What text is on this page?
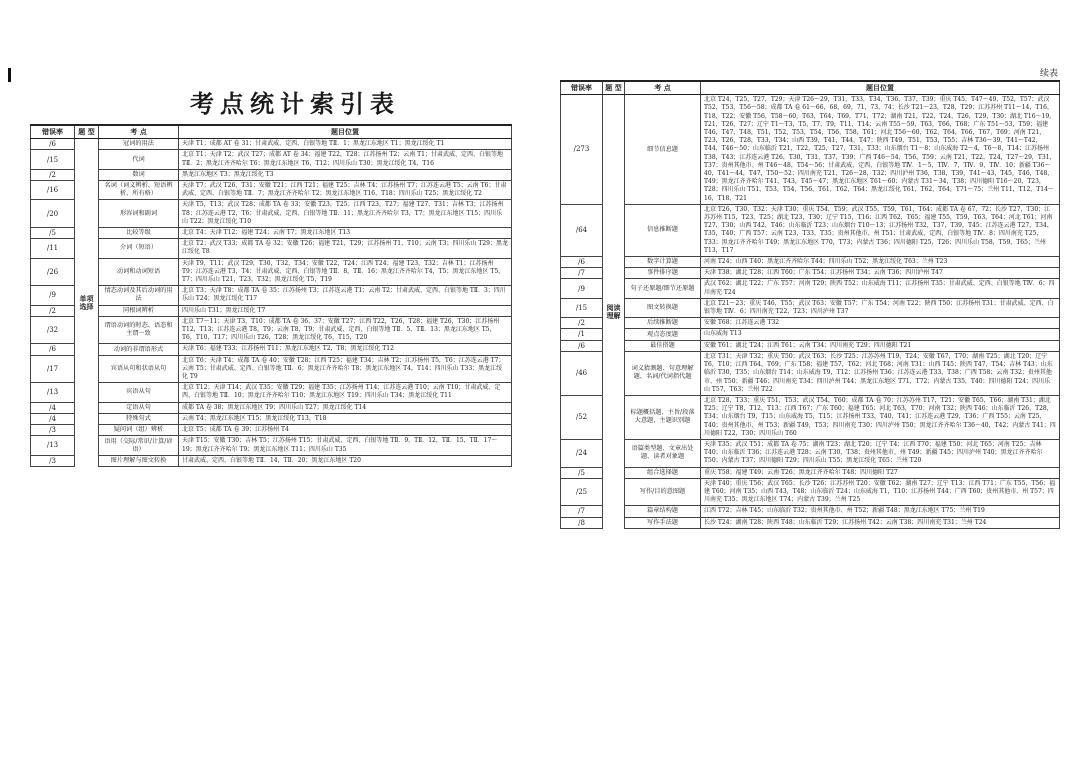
考点统计索引表
错误率	题 型	考 点	题目位置
/6	单项选择	冠词的用法	天津 T1；成都 AT 卷 31；甘肃武威、定西、白银等地 TⅡ．1；黑龙江东地区 T1；黑龙江绥化 T1
/15		代词	北京 T1；天津 T2；武汉 T27；成都 AT 卷 34；福建 T22，T28；江苏扬州 T2；云南 T1；甘肃武威、定西、白银等地 TⅡ．2；黑龙江齐齐哈尔 T6；黑龙江东地区 T6，T12；四川乐山 T30；黑龙江绥化 T4，T16
/2		数词	黑龙江东地区 T3；黑龙江绥化 T3
/16		名词（词义辨析、短语辨析、所有格）	天津 T7；武汉 T26，T31；安徽 T21；江西 T21；福建 T25；吉林 T4；江苏扬州 T7；江苏连云港 T5；云南 T6；甘肃武威、定西、白银等地 TⅡ．7；黑龙江齐齐哈尔 T2；黑龙江东地区 T16，T18；四川乐山 T25；黑龙江绥化 T2
/20		形容词和副词	天津 T5，T13；武汉 T28；成都 TA 卷 33；安徽 T23，T25；江西 T23，T27；福建 T27，T31；吉林 T3；江苏扬州 T8；江苏连云港 T2，T6；甘肃武威、定西、白银等地 TⅡ．11；黑龙江齐齐哈尔 T3，T7；黑龙江东地区 T15；四川乐山 T22；黑龙江绥化 T10
/5		比较等级	北京 T4；天津 T12；福建 T24；云南 T7；黑龙江东地区 T13
/11		介词（短语）	北京 T2；武汉 T33；成都 TA 卷 32；安徽 T26；福建 T21，T29；江苏扬州 T1，T10；云南 T3；四川乐山 T29；黑龙江绥化 T8
/26		动词和动词短语	天津 T9，T11；武汉 T29，T30，T32，T34；安徽 T22，T24；江西 T24；福建 T23，T32；吉林 T1；江苏扬州 T9；江苏连云港 T3，T4；甘肃武威、定西、白银等地 TⅡ．8，TⅡ．16；黑龙江齐齐哈尔 T4，T5；黑龙江东地区 T5，T7；四川乐山 T21，T23，T32；黑龙江绥化 T5，T19
/9		情态动词及其后动词的用法	北京 T3；天津 T8；成都 TA 卷 35；江苏扬州 T3；江苏连云港 T1；云南 T2；甘肃武威、定西、白银等地 TⅡ．3；四川乐山 T24；黑龙江绥化 T17
/2		同根词辨析	四川乐山 T31；黑龙江绥化 T7
/32		谓语动词的时态、语态和主谓一致	北京 T7～11；天津 T3，T10；成都 TA 卷 36，37；安徽 T27；江西 T22，T26，T28；福建 T26，T30；江苏扬州 T12，T13；江苏连云港 T8，T9；云南 T8，T9；甘肃武威、定西、白银等地 TⅡ．5，TⅡ．13；黑龙江东地区 T5，T6，T10，T17；四川乐山 T26，T28；黑龙江绥化 T6，T15，T20
/6		动词的非谓语形式	天津 T6；福建 T33；江苏扬州 T11；黑龙江东地区 T2，T8；黑龙江绥化 T12
/17		宾语从句和状语从句	北京 T6；天津 T4；成都 TA 卷 40；安徽 T28；江西 T25；福建 T34；吉林 T2；江苏扬州 T5，T6；江苏连云港 T7；云南 T5；甘肃武威、定西、白银等地 TⅡ．6；黑龙江齐齐哈尔 T8；黑龙江东地区 T4，T14；四川乐山 T33；黑龙江绥化 T9
/13		宾语从句	北京 T12；天津 T14；武汉 T35；安徽 T29；福建 T35；江苏扬州 T14；江苏连云港 T10；云南 T10；甘肃武威、定西、白银等地 TⅡ．10；黑龙江齐齐哈尔 T10；黑龙江东地区 T19；四川乐山 T34；黑龙江绥化 T11
/4		定语从句	成都 TA 卷 38；黑龙江东地区 T9；四川乐山 T27；黑龙江绥化 T14
/4		特殊句式	云南 T4；黑龙江东地区 T15；黑龙江绥化 T13，T18
/3		疑问词（组）辨析	北京 T5；成都 TA 卷 39；江苏扬州 T4
/13		语用（交际/常识/计算/谚语）	天津 T15；安徽 T30；吉林 T5；江苏扬州 T15；甘肃武威、定西、白银等地 TⅡ．9，TⅡ．12，TⅡ．15，TⅡ．17～19；黑龙江齐齐哈尔 T9；黑龙江东地区 T11；四川乐山 T35
/3		图片理解与图文转换	甘肃武威、定西、白银等地 TⅡ．14，TⅡ．20；黑龙江东地区 T20
续表
错误率	题 型	考 点	题目位置
/273	阅读理解	细节信息题	北京 T24，T25，T27，T29；天津 T26～29，T31，T33，T34，T36，T37，T39；重庆 T45，T47～49，T52，T57；武汉 T52，T53，T56～58；成都 TA 卷 61～66，68，69，71，73，74；长沙 T21～23，T28，T29；江苏苏州 T11～14，T16，T18，T22；安徽 T56，T58～60，T63，T64，T69，T71，T72；湖南 T21，T22，T24，T26，T29，T30；湖北 T16～19，T21，T26，T27；辽宁 T1～T3，T5，T7，T9，T11，T14；云南 T55～59，T63，T66，T68；广东 T51～53，T59；福建 T46，T47，T48，T51，T52，T53，T54，T56，T58，T61；河北 T56～60，T62，T64，T66，T67，T69；河南 T21，T23，T26，T28，T33，T34；山西 T39，T41，T44，T47；陕西 T49，T51，T53，T55；吉林 T36～39，T41～T42，T44，T46～50；山东临沂 T21，T22，T25，T27，T31，T33；山东烟台 T1～8；山东威海 T2～4，T6～8，T14；江苏扬州 T38，T43；江苏连云港 T26，T30，T31，T37，T39；广西 T46～54，T56，T59；云南 T21，T22，T24，T27～29，T31，T37；贵州其他市、州 T46～48，T54～56；甘肃武威、定西、白银等地 TⅣ．1～5，TⅣ．7，TⅣ．9，TⅣ．10；新疆 T36～40，T41～44，T47，T50～52；四川南充 T21，T26～28，T32；四川泸州 T36，T38，T39，T41～43，T45，T46，T48，T49；黑龙江齐齐哈尔 T41，T43，T45～47；黑龙江东地区 T61～60；内蒙古 T31～34，T38；四川德阳 T16～20，T23，T28；四川乐山 T51，T53，T54，T56，T61，T62，T64；黑龙江绥化 T61，T62，T64，T71～75；兰州 T11，T12，T14～16，T18，T21
/64		信息推断题	北京 T26，T30，T32；天津 T30；重庆 T54，T59；武汉 T55，T59，T61，T64；成都 TA 卷 67，72；长沙 T27，T30；江苏苏州 T15，T23，T25；湖北 T23，T30；辽宁 T15，T16；江西 T62，T65；福建 T55，T59，T63，T64；河北 T61；河南 T27，T30；山西 T42，T46；山东临沂 T23；山东烟台 T10～13；江苏扬州 T32，T37，T39，T45；江苏连云港 T27，T34，T35，T40；广西 T57；云南 T23，T33，T35；贵州其他市、州 T51；甘肃武威、定西、白银等地 TⅣ．8；四川南充 T25，T33；黑龙江齐齐哈尔 T49；黑龙江东地区 T70，T73；内蒙古 T36；四川德阳 T25，T26；四川乐山 T58，T59，T65；兰州 T13，T17
/6		数字计算题	河南 T24；山西 T40；黑龙江齐齐哈尔 T44；四川乐山 T52；黑龙江绥化 T63；兰州 T23
/7		事件排序题	天津 T38；湖北 T28；江西 T60；广东 T54；江苏扬州 T34；云南 T36；四川泸州 T47
/9		句子还原题/细节还原题	武汉 T62；湖北 T22；广东 T57；河南 T29；陕西 T52；山东威海 T11；江苏扬州 T35；甘肃武威、定西、白银等地 TⅣ．6；四川南充 T24
/15		图文转换题	北京 T21～23；重庆 T46，T55；武汉 T63；安徽 T57；广东 T54；河南 T22；陕西 T50；江苏扬州 T31；甘肃武威、定西、白银等地 TⅣ．6；四川南充 T22，T23；四川泸州 T37
/2		后续推断题	安徽 T68；江苏连云港 T32
/1		观点态度题	山东威海 T13
/6		最佳搭题	安徽 T61；湖北 T24；江西 T61；云南 T34；四川南充 T29；四川德阳 T21
/46		词义猜测题、句意理解题、名词/代词指代题	北京 T31；天津 T32；重庆 T50；武汉 T63；长沙 T25；江苏苏州 T19，T24；安徽 T67，T70；湖南 T25；湖北 T20；辽宁 T6，T10；江西 T64，T69；广东 T58；福建 T57，T62；河北 T68；河南 T31；山西 T45；陕西 T47，T54；吉林 T43；山东临沂 T30，T35；山东烟台 T14；山东威海 T9，T12；江苏扬州 T36；江苏连云港 T33，T38；广西 T58；云南 T32；贵州其他市、州 T50；新疆 T46；四川南充 T34；四川泸州 T44；黑龙江东地区 T71，T72；内蒙古 T35，T40；四川德阳 T24；四川乐山 T57，T63；兰州 T22
/52		标题概括题、主旨/段落大意题、主题识别题	北京 T28，T33；重庆 T51，T53；武汉 T54，T60；成都 TA 卷 70；江苏苏州 T17，T21；安徽 T65，T66；湖南 T31；湖北 T25；辽宁 T8，T12，T13；江西 T67；广东 T60；福建 T65；河北 T63，T70；河南 T32；陕西 T46；山东临沂 T26，T28，T34；山东烟台 T9，T15；山东威海 T5，T15；江苏扬州 T33，T40，T41；江苏连云港 T29，T36；广西 T55；云南 T25，T40；贵州其他市、州 T53；新疆 T49，T53；四川南充 T30；四川泸州 T50；黑龙江齐齐哈尔 T36～40，T42；内蒙古 T41；四川德阳 T22，T30；四川乐山 T60
/24		语篇类型题、文章出处题、读者对象题	天津 T35；武汉 T51；成都 TA 卷 75；湖南 T23；湖北 T20；辽宁 T4；江西 T70；福建 T50；河北 T65；河南 T25；吉林 T40；山东临沂 T36；江苏连云港 T28；云南 T30，T38；贵州其他市、州 T49；新疆 T45；四川泸州 T40；黑龙江齐齐哈尔 T50；内蒙古 T37；四川德阳 T29；四川乐山 T55；黑龙江绥化 T65；兰州 T20
/5		组合选择题	重庆 T58；福建 T49；云南 T26；黑龙江齐齐哈尔 T48；四川德阳 T27
/25		写作/目的意图题	天津 T40；重庆 T56；武汉 T65；长沙 T26；江苏苏州 T20；安徽 T62；湖南 T27；辽宁 T13；江西 T71；广东 T55，T56；福建 T60；河南 T35；山西 T43，T48；山东临沂 T24；山东威海 T1，T10；江苏扬州 T44；广西 T60；贵州其他市、州 T57；四川南充 T35；黑龙江东地区 T74；内蒙古 T39；兰州 T25
/7		篇章结构题	江西 T72；吉林 T45；山东临沂 T32；贵州其他市、州 T52；新疆 T48；黑龙江东地区 T75；兰州 T19
/8		写作手法题	长沙 T24；湖南 T28；陕西 T48；山东临沂 T29；江苏扬州 T42；云南 T38；四川南充 T31；兰州 T24
